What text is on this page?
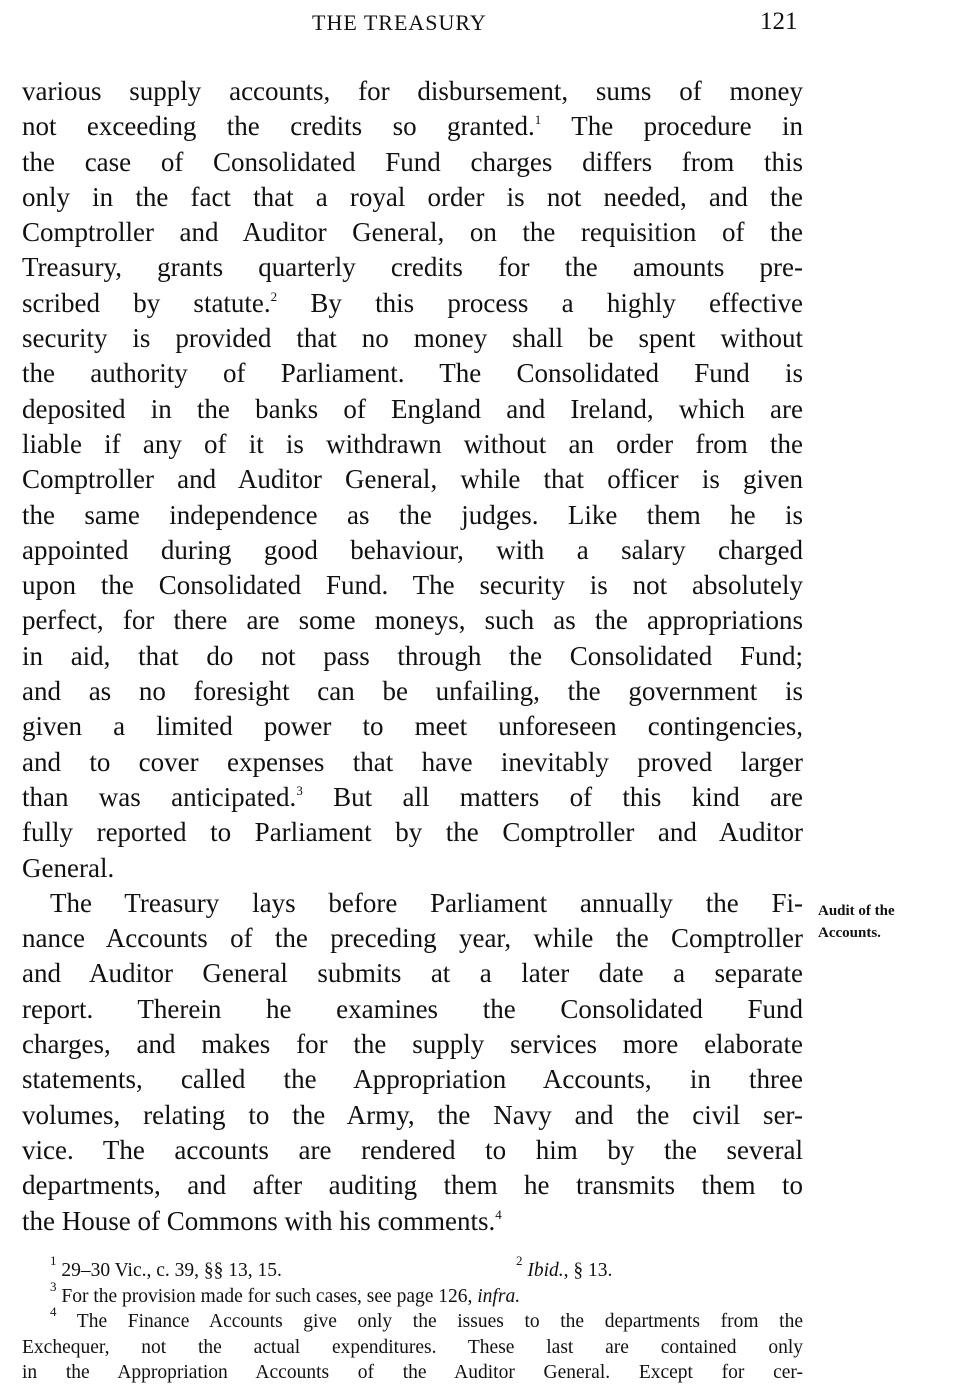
THE TREASURY	121
various supply accounts, for disbursement, sums of money
not exceeding the credits so granted.$^1$ The procedure in
the case of Consolidated Fund charges differs from this
only in the fact that a royal order is not needed, and the
Comptroller and Auditor General, on the requisition of the
Treasury, grants quarterly credits for the amounts pre-
scribed by statute.$^2$ By this process a highly effective
security is provided that no money shall be spent without
the authority of Parliament. The Consolidated Fund is
deposited in the banks of England and Ireland, which are
liable if any of it is withdrawn without an order from the
Comptroller and Auditor General, while that officer is given
the same independence as the judges. Like them he is
appointed during good behaviour, with a salary charged
upon the Consolidated Fund. The security is not absolutely
perfect, for there are some moneys, such as the appropriations
in aid, that do not pass through the Consolidated Fund;
and as no foresight can be unfailing, the government is
given a limited power to meet unforeseen contingencies,
and to cover expenses that have inevitably proved larger
than was anticipated.$^3$ But all matters of this kind are
fully reported to Parliament by the Comptroller and Auditor
General.
The Treasury lays before Parliament annually the Fi-
nance Accounts of the preceding year, while the Comptroller
and Auditor General submits at a later date a separate
report. Therein he examines the Consolidated Fund
charges, and makes for the supply services more elaborate
statements, called the Appropriation Accounts, in three
volumes, relating to the Army, the Navy and the civil ser-
vice. The accounts are rendered to him by the several
departments, and after auditing them he transmits them to
the House of Commons with his comments.$^4$
Audit of the
Accounts.
$^1$ 29–30 Vic., c. 39, §§ 13, 15.	$^2$ Ibid., § 13.
$^3$ For the provision made for such cases, see page 126, infra.
$^4$ The Finance Accounts give only the issues to the departments from the
Exchequer, not the actual expenditures. These last are contained only
in the Appropriation Accounts of the Auditor General. Except for cer-
